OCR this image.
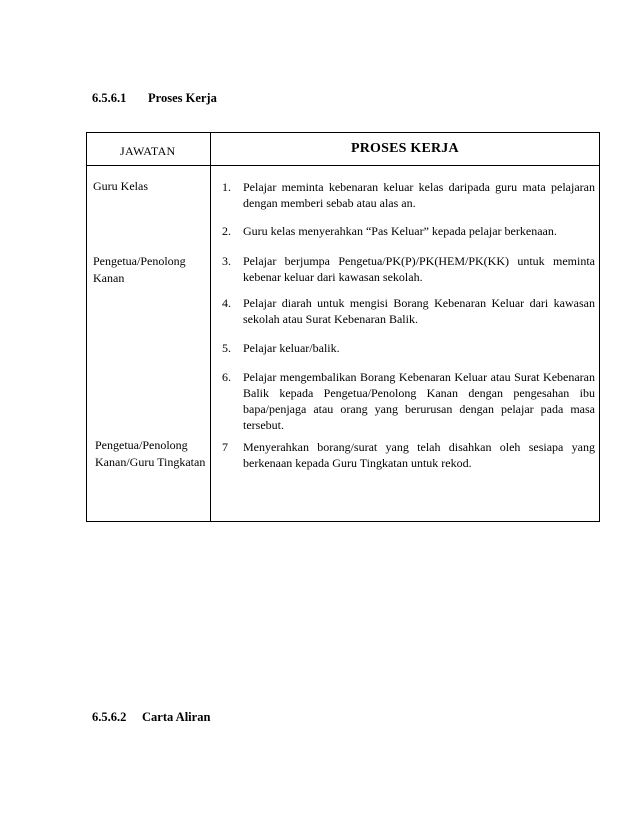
6.5.6.1 Proses Kerja
JAWATAN	PROSES KERJA
Guru Kelas
Pengetua/Penolong Kanan
Pengetua/Penolong Kanan/Guru Tingkatan
1. Pelajar meminta kebenaran keluar kelas daripada guru mata pelajaran dengan memberi sebab atau alas an.
2. Guru kelas menyerahkan “Pas Keluar” kepada pelajar berkenaan.
3. Pelajar berjumpa Pengetua/PK(P)/PK(HEM/PK(KK) untuk meminta kebenar keluar dari kawasan sekolah.
4. Pelajar diarah untuk mengisi Borang Kebenaran Keluar dari kawasan sekolah atau Surat Kebenaran Balik.
5. Pelajar keluar/balik.
6. Pelajar mengembalikan Borang Kebenaran Keluar atau Surat Kebenaran Balik kepada Pengetua/Penolong Kanan dengan pengesahan ibu bapa/penjaga atau orang yang berurusan dengan pelajar pada masa tersebut.
7 Menyerahkan borang/surat yang telah disahkan oleh sesiapa yang berkenaan kepada Guru Tingkatan untuk rekod.
6.5.6.2 Carta Aliran
